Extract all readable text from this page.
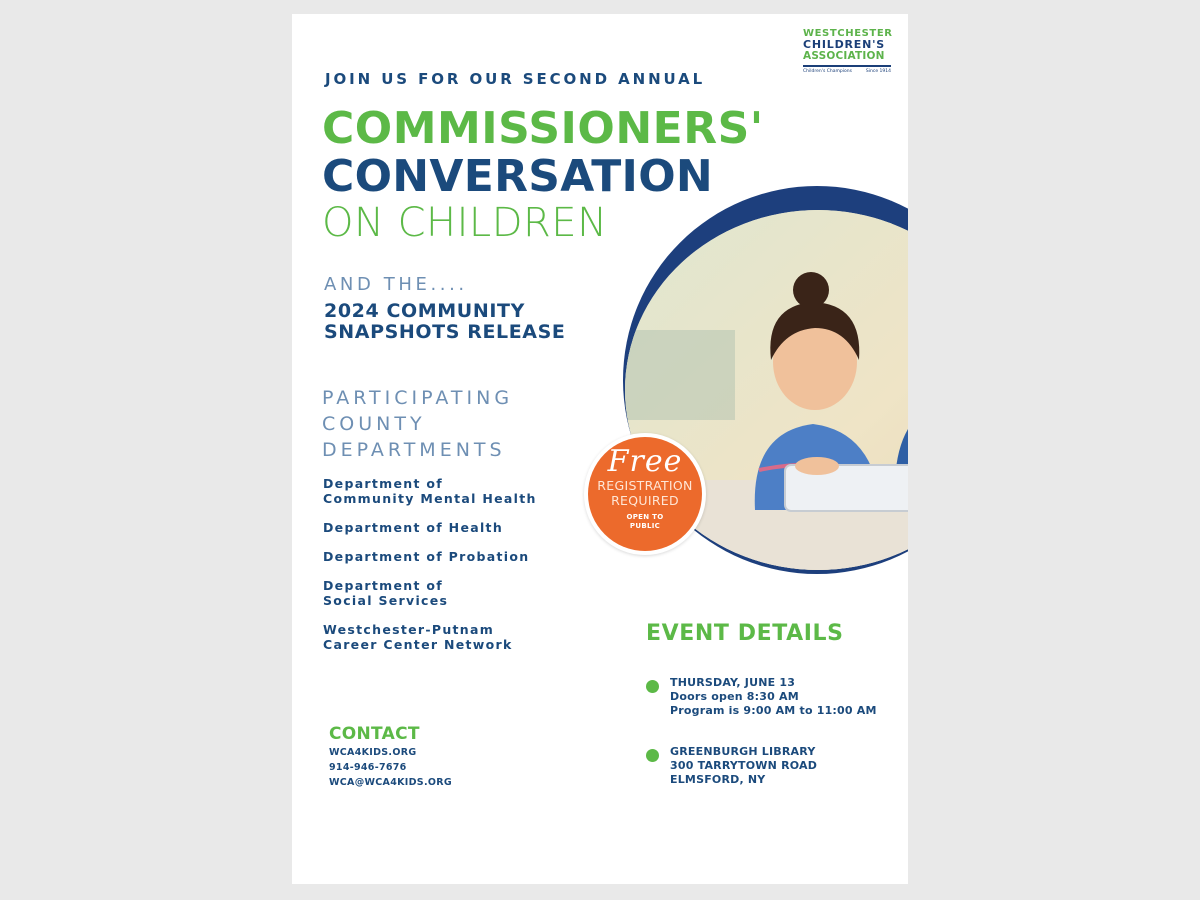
WESTCHESTER
CHILDREN'S
ASSOCIATION
Children's Champions	Since 1914
JOIN US FOR OUR SECOND ANNUAL
COMMISSIONERS'
CONVERSATION
ON CHILDREN
AND THE....
2024 COMMUNITY
SNAPSHOTS RELEASE
PARTICIPATING
COUNTY
DEPARTMENTS
Department of
Community Mental Health
Department of Health
Department of Probation
Department of
Social Services
Westchester-Putnam
Career Center Network
Free
REGISTRATION
REQUIRED
OPEN TO
PUBLIC
EVENT DETAILS
THURSDAY, JUNE 13
Doors open 8:30 AM
Program is 9:00 AM to 11:00 AM
GREENBURGH LIBRARY
300 TARRYTOWN ROAD
ELMSFORD, NY
CONTACT
WCA4KIDS.ORG
914-946-7676
WCA@WCA4KIDS.ORG
